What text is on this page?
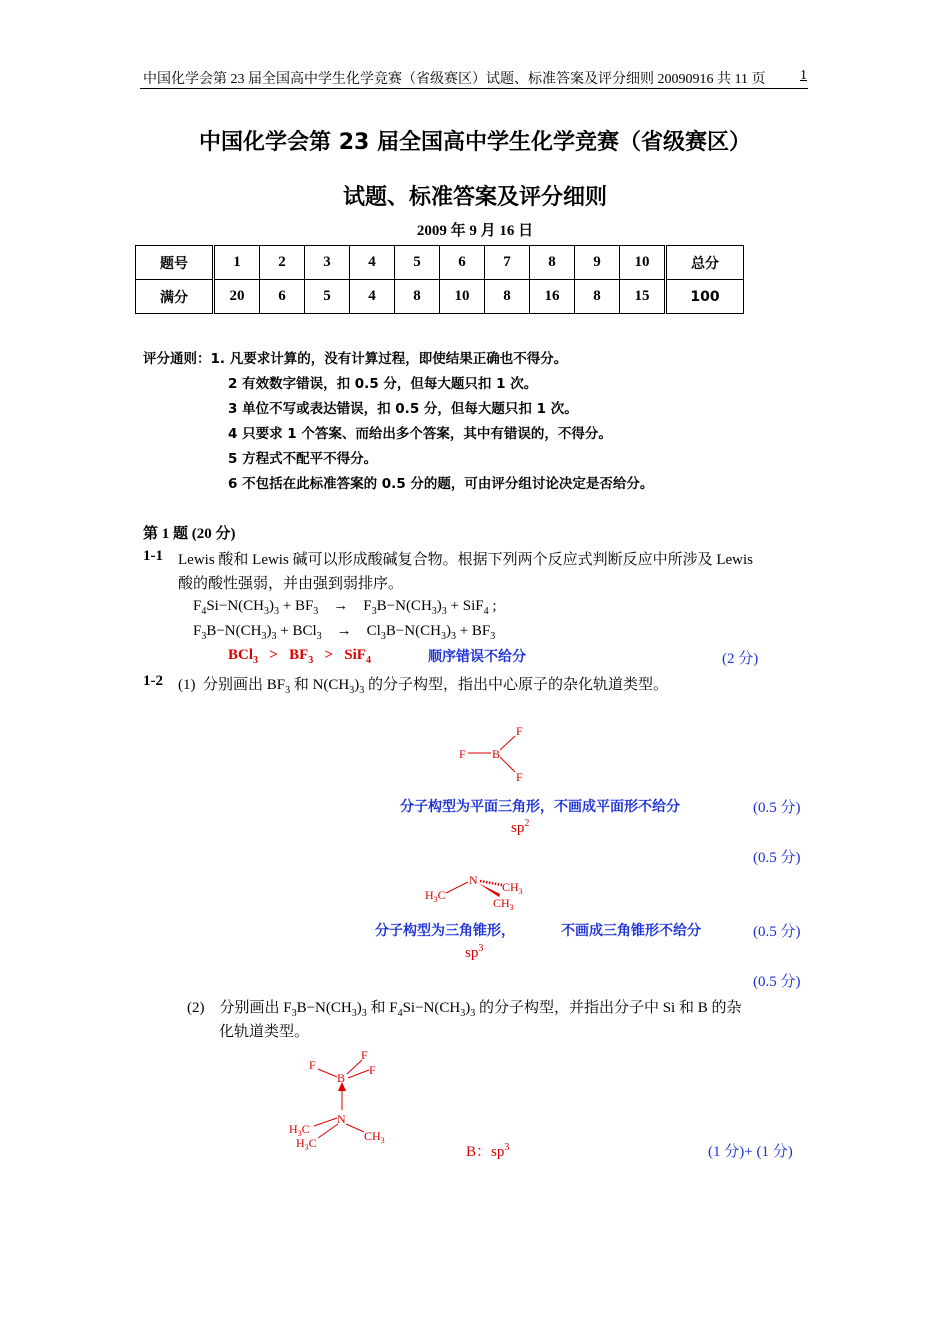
中国化学会第 23 届全国高中学生化学竞赛（省级赛区）试题、标准答案及评分细则 20090916 共 11 页 1
中国化学会第 23 届全国高中学生化学竞赛（省级赛区）
试题、标准答案及评分细则
2009 年 9 月 16 日
题号	1	2	3	4	5	6	7	8	9	10	总分
满分	20	6	5	4	8	10	8	16	8	15	100
评分通则：1. 凡要求计算的，没有计算过程，即使结果正确也不得分。
2 有效数字错误，扣 0.5 分，但每大题只扣 1 次。
3 单位不写或表达错误，扣 0.5 分，但每大题只扣 1 次。
4 只要求 1 个答案、而给出多个答案，其中有错误的，不得分。
5 方程式不配平不得分。
6 不包括在此标准答案的 0.5 分的题，可由评分组讨论决定是否给分。
第 1 题 (20 分)
1-1 Lewis 酸和 Lewis 碱可以形成酸碱复合物。根据下列两个反应式判断反应中所涉及 Lewis
酸的酸性强弱，并由强到弱排序。
$F_4Si-N(CH_3)_3 + BF_3$    →    $F_3B-N(CH_3)_3 + SiF_4$ ;
$F_3B-N(CH_3)_3 + BCl_3$    →    $Cl_3B-N(CH_3)_3 + BF_3$
$BCl_3 > BF_3 > SiF_4$	顺序错误不给分	(2 分)
1-2 (1)  分别画出 $BF_3$ 和 $N(CH_3)_3$ 的分子构型，指出中心原子的杂化轨道类型。
F B
F
F
分子构型为平面三角形，不画成平面形不给分	(0.5 分)
$sp^2$
(0.5 分)
N
$H_3C$
$CH_3$
$CH_3$
分子构型为三角锥形，	不画成三角锥形不给分	(0.5 分)
$sp^3$
(0.5 分)
(2)    分别画出 $F_3B-N(CH_3)_3$ 和 $F_4Si-N(CH_3)_3$ 的分子构型，并指出分子中 Si 和 B 的杂
化轨道类型。
F
B
F
F
N
$H_3C$
$H_3C$	$CH_3$
B：$sp^3$	(1 分)+ (1 分)
